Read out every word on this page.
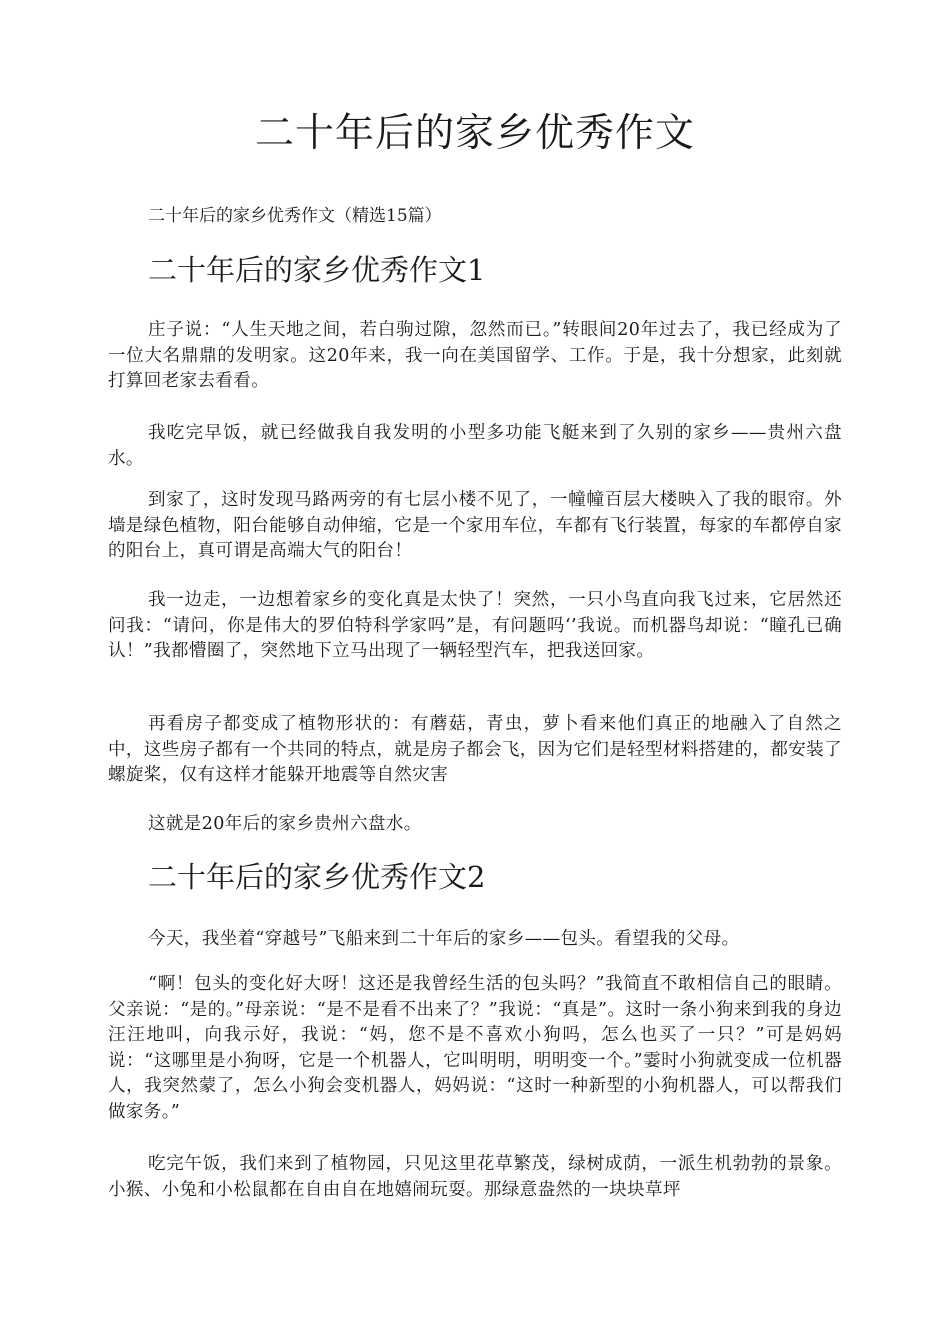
二十年后的家乡优秀作文

二十年后的家乡优秀作文（精选15篇）

二十年后的家乡优秀作文1

庄子说：“人生天地之间，若白驹过隙，忽然而已。”转眼间20年过去了，我已经成为了一位大名鼎鼎的发明家。这20年来，我一向在美国留学、工作。于是，我十分想家，此刻就打算回老家去看看。

我吃完早饭，就已经做我自我发明的小型多功能飞艇来到了久别的家乡——贵州六盘水。

到家了，这时发现马路两旁的有七层小楼不见了，一幢幢百层大楼映入了我的眼帘。外墙是绿色植物，阳台能够自动伸缩，它是一个家用车位，车都有飞行装置，每家的车都停自家的阳台上，真可谓是高端大气的阳台！

我一边走，一边想着家乡的变化真是太快了！突然，一只小鸟直向我飞过来，它居然还问我：“请问，你是伟大的罗伯特科学家吗”是，有问题吗‘’我说。而机器鸟却说：“瞳孔已确认！”我都懵圈了，突然地下立马出现了一辆轻型汽车，把我送回家。

再看房子都变成了植物形状的：有蘑菇，青虫，萝卜看来他们真正的地融入了自然之中，这些房子都有一个共同的特点，就是房子都会飞，因为它们是轻型材料搭建的，都安装了螺旋桨，仅有这样才能躲开地震等自然灾害

这就是20年后的家乡贵州六盘水。

二十年后的家乡优秀作文2

今天，我坐着“穿越号”飞船来到二十年后的家乡——包头。看望我的父母。

“啊！包头的变化好大呀！这还是我曾经生活的包头吗？”我简直不敢相信自己的眼睛。父亲说：“是的。”母亲说：“是不是看不出来了？”我说：“真是”。这时一条小狗来到我的身边汪汪地叫，向我示好，我说：“妈，您不是不喜欢小狗吗，怎么也买了一只？”可是妈妈说：“这哪里是小狗呀，它是一个机器人，它叫明明，明明变一个。”霎时小狗就变成一位机器人，我突然蒙了，怎么小狗会变机器人，妈妈说：“这时一种新型的小狗机器人，可以帮我们做家务。”

吃完午饭，我们来到了植物园，只见这里花草繁茂，绿树成荫，一派生机勃勃的景象。小猴、小兔和小松鼠都在自由自在地嬉闹玩耍。那绿意盎然的一块块草坪
